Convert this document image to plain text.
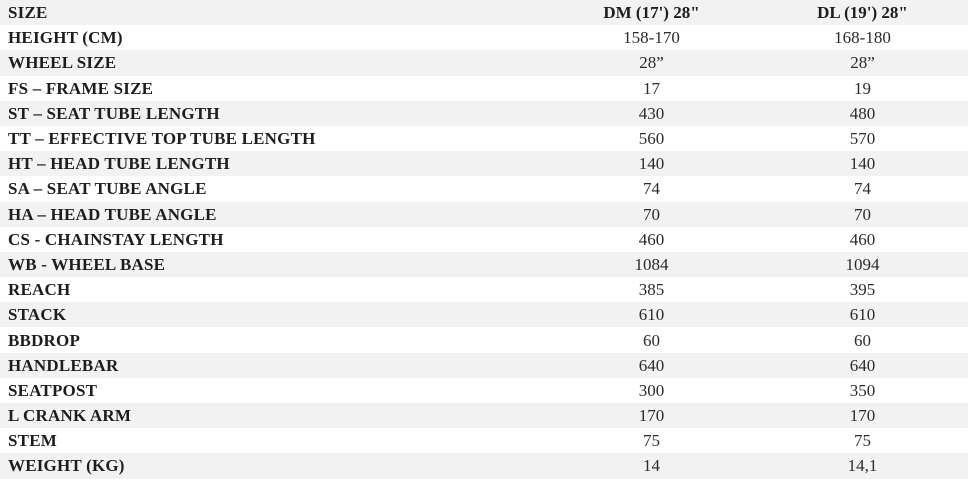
SIZE	DM (17') 28"	DL (19') 28"
HEIGHT (CM)	158-170	168-180
WHEEL SIZE	28”	28”
FS – FRAME SIZE	17	19
ST – SEAT TUBE LENGTH	430	480
TT – EFFECTIVE TOP TUBE LENGTH	560	570
HT – HEAD TUBE LENGTH	140	140
SA – SEAT TUBE ANGLE	74	74
HA – HEAD TUBE ANGLE	70	70
CS - CHAINSTAY LENGTH	460	460
WB - WHEEL BASE	1084	1094
REACH	385	395
STACK	610	610
BBDROP	60	60
HANDLEBAR	640	640
SEATPOST	300	350
L CRANK ARM	170	170
STEM	75	75
WEIGHT (KG)	14	14,1
